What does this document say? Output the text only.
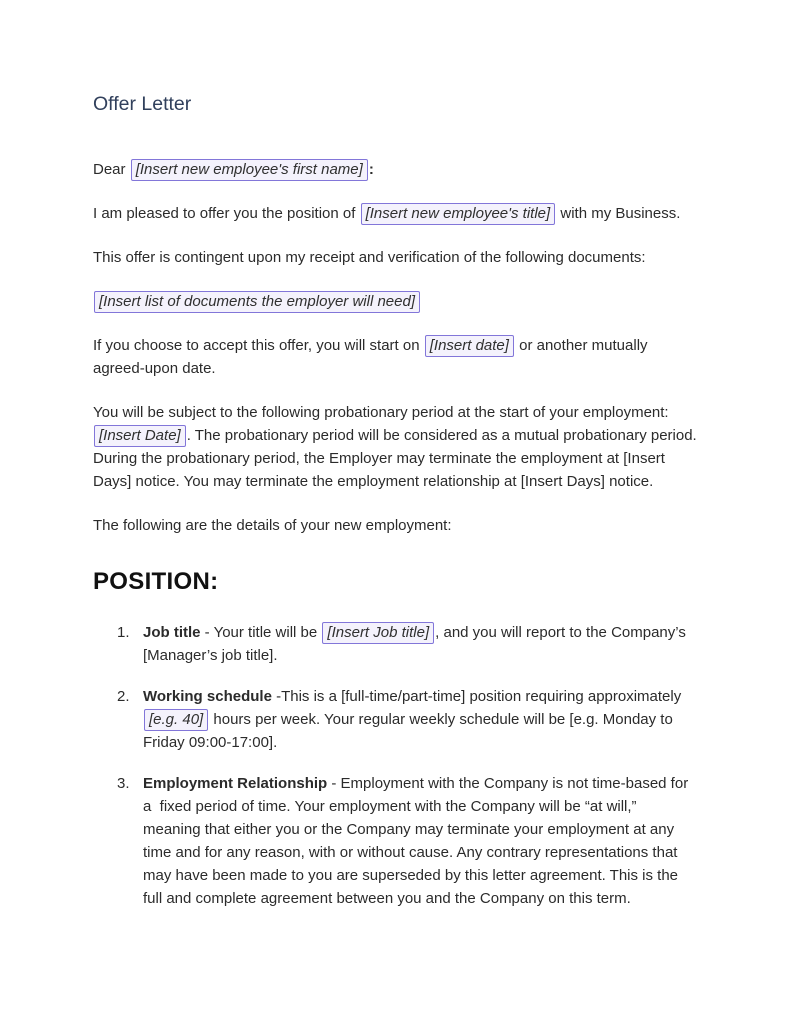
Offer Letter

Dear [Insert new employee's first name] :

I am pleased to offer you the position of [Insert new employee's title] with my Business.

This offer is contingent upon my receipt and verification of the following documents:

[Insert list of documents the employer will need]

If you choose to accept this offer, you will start on [Insert date] or another mutually agreed-upon date.

You will be subject to the following probationary period at the start of your employment: [Insert Date] . The probationary period will be considered as a mutual probationary period. During the probationary period, the Employer may terminate the employment at [Insert Days] notice. You may terminate the employment relationship at [Insert Days] notice.

The following are the details of your new employment:

POSITION:
1. Job title - Your title will be [Insert Job title] , and you will report to the Company’s [Manager’s job title].
2. Working schedule -This is a [full-time/part-time] position requiring approximately [e.g. 40] hours per week. Your regular weekly schedule will be [e.g. Monday to Friday 09:00-17:00].
3. Employment Relationship - Employment with the Company is not time-based for a  fixed period of time. Your employment with the Company will be “at will,” meaning that either you or the Company may terminate your employment at any time and for any reason, with or without cause. Any contrary representations that may have been made to you are superseded by this letter agreement. This is the full and complete agreement between you and the Company on this term.
